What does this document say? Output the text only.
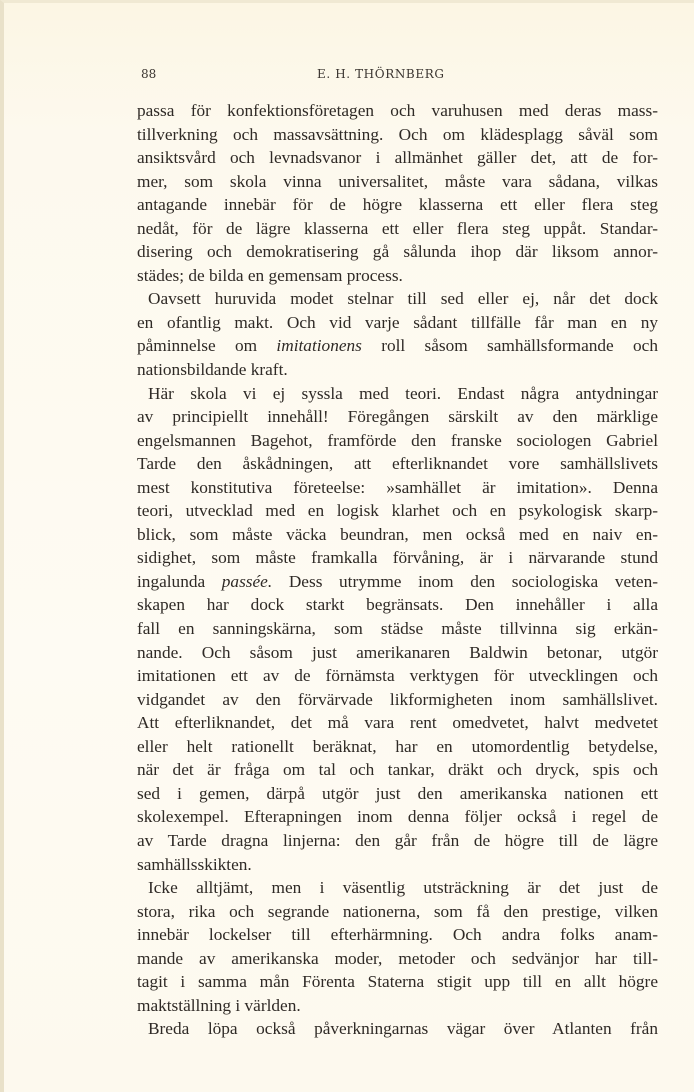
88	E. H. THÖRNBERG
passa för konfektionsföretagen och varuhusen med deras mass-
tillverkning och massavsättning. Och om klädesplagg såväl som
ansiktsvård och levnadsvanor i allmänhet gäller det, att de for-
mer, som skola vinna universalitet, måste vara sådana, vilkas
antagande innebär för de högre klasserna ett eller flera steg
nedåt, för de lägre klasserna ett eller flera steg uppåt. Standar-
disering och demokratisering gå sålunda ihop där liksom annor-
städes; de bilda en gemensam process.
Oavsett huruvida modet stelnar till sed eller ej, når det dock
en ofantlig makt. Och vid varje sådant tillfälle får man en ny
påminnelse om imitationens roll såsom samhällsformande och
nationsbildande kraft.
Här skola vi ej syssla med teori. Endast några antydningar
av principiellt innehåll! Föregången särskilt av den märklige
engelsmannen Bagehot, framförde den franske sociologen Gabriel
Tarde den åskådningen, att efterliknandet vore samhällslivets
mest konstitutiva företeelse: »samhället är imitation». Denna
teori, utvecklad med en logisk klarhet och en psykologisk skarp-
blick, som måste väcka beundran, men också med en naiv en-
sidighet, som måste framkalla förvåning, är i närvarande stund
ingalunda passée. Dess utrymme inom den sociologiska veten-
skapen har dock starkt begränsats. Den innehåller i alla
fall en sanningskärna, som städse måste tillvinna sig erkän-
nande. Och såsom just amerikanaren Baldwin betonar, utgör
imitationen ett av de förnämsta verktygen för utvecklingen och
vidgandet av den förvärvade likformigheten inom samhällslivet.
Att efterliknandet, det må vara rent omedvetet, halvt medvetet
eller helt rationellt beräknat, har en utomordentlig betydelse,
när det är fråga om tal och tankar, dräkt och dryck, spis och
sed i gemen, därpå utgör just den amerikanska nationen ett
skolexempel. Efterapningen inom denna följer också i regel de
av Tarde dragna linjerna: den går från de högre till de lägre
samhällsskikten.
Icke alltjämt, men i väsentlig utsträckning är det just de
stora, rika och segrande nationerna, som få den prestige, vilken
innebär lockelser till efterhärmning. Och andra folks anam-
mande av amerikanska moder, metoder och sedvänjor har till-
tagit i samma mån Förenta Staterna stigit upp till en allt högre
maktställning i världen.
Breda löpa också påverkningarnas vägar över Atlanten från
